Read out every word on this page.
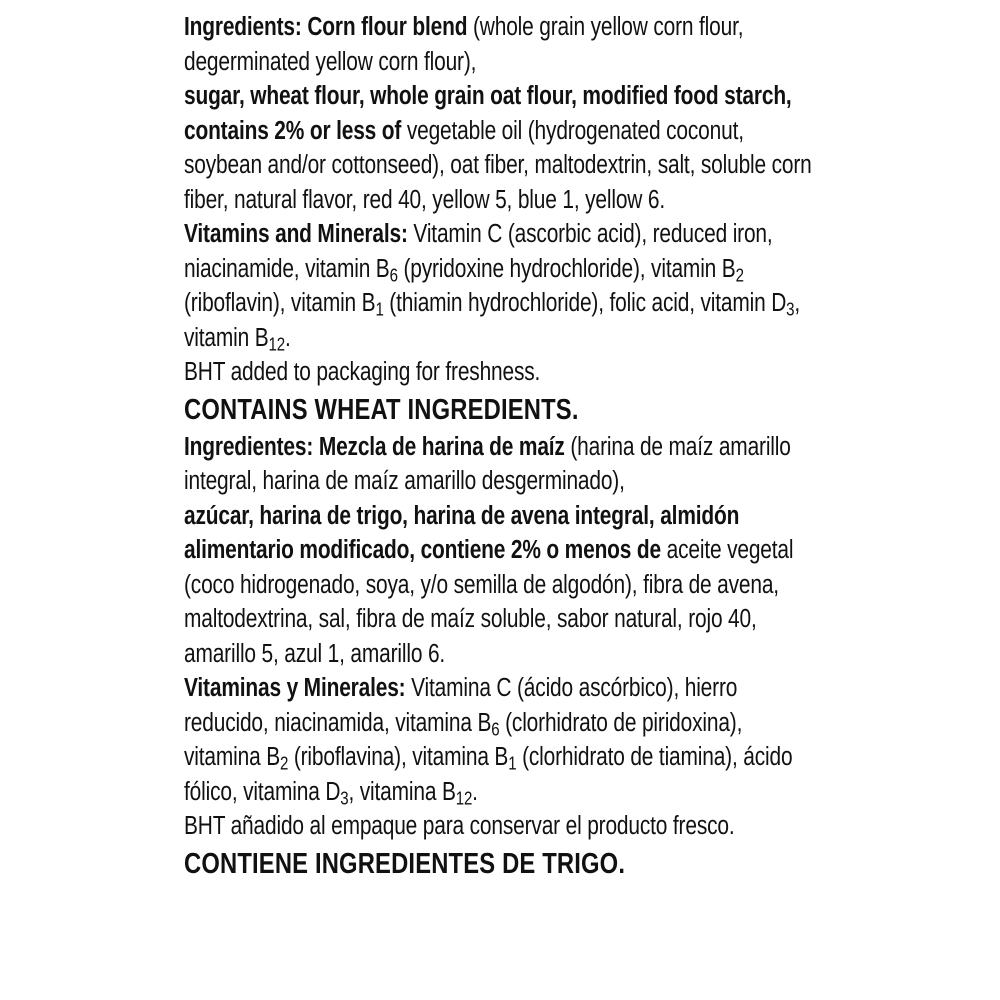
Ingredients: Corn flour blend (whole grain yellow corn flour, degerminated yellow corn flour),
sugar, wheat flour, whole grain oat flour, modified food starch, contains 2% or less of vegetable oil (hydrogenated coconut, soybean and/or cottonseed), oat fiber, maltodextrin, salt, soluble corn fiber, natural flavor, red 40, yellow 5, blue 1, yellow 6.

Vitamins and Minerals: Vitamin C (ascorbic acid), reduced iron, niacinamide, vitamin $B_6$ (pyridoxine hydrochloride), vitamin $B_2$ (riboflavin), vitamin $B_1$ (thiamin hydrochloride), folic acid, vitamin $D_3$, vitamin $B_{12}$.

BHT added to packaging for freshness.

CONTAINS WHEAT INGREDIENTS.

Ingredientes: Mezcla de harina de maíz (harina de maíz amarillo integral, harina de maíz amarillo desgerminado),
azúcar, harina de trigo, harina de avena integral, almidón alimentario modificado, contiene 2% o menos de aceite vegetal (coco hidrogenado, soya, y/o semilla de algodón), fibra de avena, maltodextrina, sal, fibra de maíz soluble, sabor natural, rojo 40, amarillo 5, azul 1, amarillo 6.

Vitaminas y Minerales: Vitamina C (ácido ascórbico), hierro reducido, niacinamida, vitamina $B_6$ (clorhidrato de piridoxina), vitamina $B_2$ (riboflavina), vitamina $B_1$ (clorhidrato de tiamina), ácido fólico, vitamina $D_3$, vitamina $B_{12}$.

BHT añadido al empaque para conservar el producto fresco.

CONTIENE INGREDIENTES DE TRIGO.
